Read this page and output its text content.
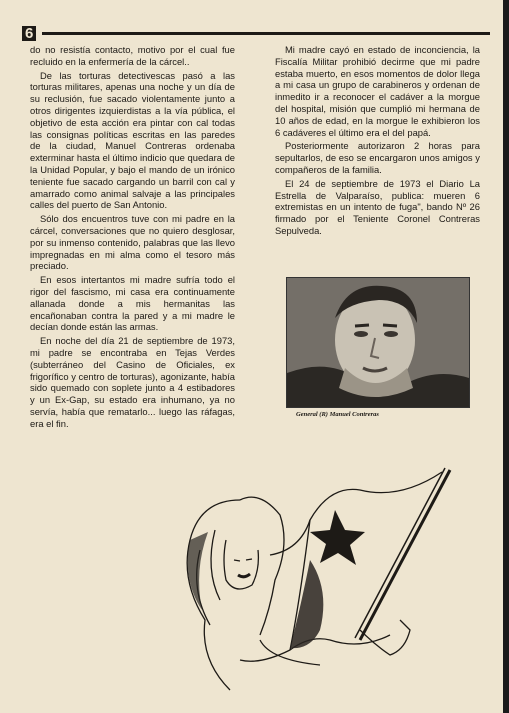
6

do no resistía contacto, motivo por el cual fue recluido en la enfermería de la cárcel..

De las torturas detectivescas pasó a las torturas militares, apenas una noche y un día de su reclusión, fue sacado violentamente junto a otros dirigentes izquierdistas a la vía pública, el objetivo de esta acción era pintar con cal todas las consignas políticas escritas en las paredes de la ciudad, Manuel Contreras ordenaba exterminar hasta el último indicio que quedara de la Unidad Popular, y bajo el mando de un irónico teniente fue sacado cargando un barril con cal y amarrado como animal salvaje a las principales calles del puerto de San Antonio.

Sólo dos encuentros tuve con mi padre en la cárcel, conversaciones que no quiero desglosar, por su inmenso contenido, palabras que las llevo impregnadas en mi alma como el tesoro más preciado.

En esos intertantos mi madre sufría todo el rigor del fascismo, mi casa era continuamente allanada donde a mis hermanitas las encañonaban contra la pared y a mi madre le decían donde están las armas.

En noche del día 21 de septiembre de 1973, mi padre se encontraba en Tejas Verdes (subterráneo del Casino de Oficiales, ex frigorífico y centro de torturas), agonizante, había sido quemado con soplete junto a 4 estibadores y un Ex-Gap, su estado era inhumano, ya no servía, había que rematarlo... luego las ráfagas, era el fin.

Mi madre cayó en estado de inconciencia, la Fiscalía Militar prohibió decirme que mi padre estaba muerto, en esos momentos de dolor llega a mi casa un grupo de carabineros y ordenan de inmedito ir a reconocer el cadáver a la morgue del hospital, misión que cumplió mi hermana de 10 años de edad, en la morgue le exhibieron los 6 cadáveres el último era el del papá.

Posteriormente autorizaron 2 horas para sepultarlos, de eso se encargaron unos amigos y compañeros de la familia.

El 24 de septiembre de 1973 el Diario La Estrella de Valparaíso, publica: mueren 6 extremistas en un intento de fuga", bando Nº 26 firmado por el Teniente Coronel Contreras Sepulveda.

General (R) Manuel Contreras
